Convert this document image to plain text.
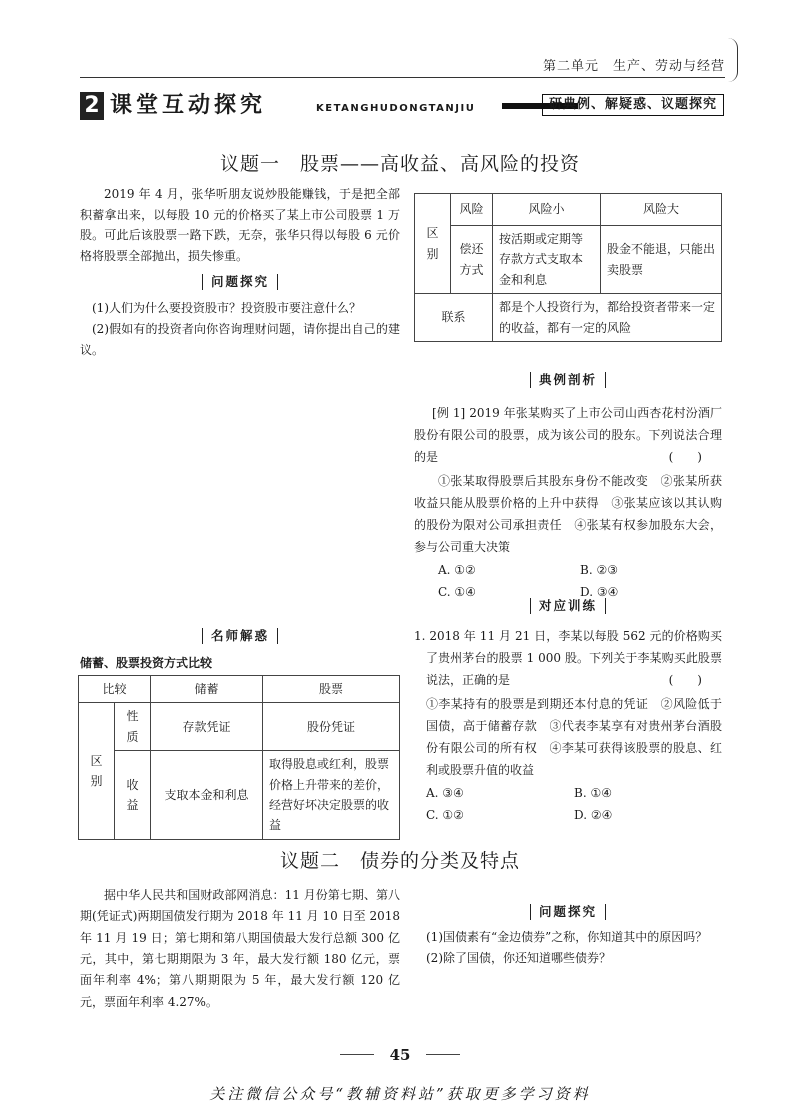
第二单元　生产、劳动与经营
2 课堂互动探究	KETANGHUDONGTANJIU	研典例、解疑惑、议题探究
议题一　股票——高收益、高风险的投资
2019 年 4 月，张华听朋友说炒股能赚钱，于是把全部积蓄拿出来，以每股 10 元的价格买了某上市公司股票 1 万股。可此后该股票一路下跌，无奈，张华只得以每股 6 元价格将股票全部抛出，损失惨重。
问题探究
(1)人们为什么要投资股市？投资股市要注意什么？
(2)假如有的投资者向你咨询理财问题，请你提出自己的建议。
名师解惑
储蓄、股票投资方式比较
比较		储蓄	股票
区别	性质	存款凭证	股份凭证
	收益	支取本金和利息	取得股息或红利，股票价格上升带来的差价，经营好坏决定股票的收益
区别	风险	风险小	风险大
	偿还方式	按活期或定期等存款方式支取本金和利息	股金不能退，只能出卖股票
联系		都是个人投资行为，都给投资者带来一定的收益，都有一定的风险	
典例剖析
[例 1] 2019 年张某购买了上市公司山西杏花村汾酒厂股份有限公司的股票，成为该公司的股东。下列说法合理的是	(　　)
①张某取得股票后其股东身份不能改变　②张某所获收益只能从股票价格的上升中获得　③张某应该以其认购的股份为限对公司承担责任　④张某有权参加股东大会，参与公司重大决策
A. ①②	B. ②③
C. ①④	D. ③④
对应训练
1. 2018 年 11 月 21 日，李某以每股 562 元的价格购买了贵州茅台的股票 1 000 股。下列关于李某购买此股票说法，正确的是	(　　)
①李某持有的股票是到期还本付息的凭证　②风险低于国债，高于储蓄存款　③代表李某享有对贵州茅台酒股份有限公司的所有权　④李某可获得该股票的股息、红利或股票升值的收益
A. ③④	B. ①④
C. ①②	D. ②④
议题二　债券的分类及特点
据中华人民共和国财政部网消息：11 月份第七期、第八期(凭证式)两期国债发行期为 2018 年 11 月 10 日至 2018 年 11 月 19 日；第七期和第八期国债最大发行总额 300 亿元，其中，第七期期限为 3 年，最大发行额 180 亿元，票面年利率 4%；第八期期限为 5 年，最大发行额 120 亿元，票面年利率 4.27%。
问题探究
(1)国债素有“金边债券”之称，你知道其中的原因吗？
(2)除了国债，你还知道哪些债券？
45
关注微信公众号“教辅资料站”获取更多学习资料
